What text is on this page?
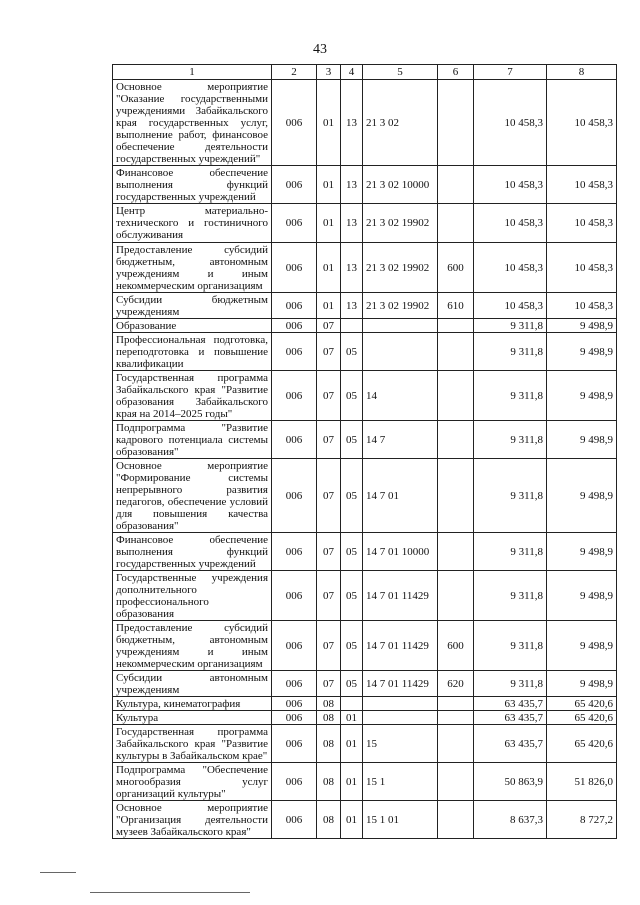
43
1	2	3	4	5	6	7	8
Основное мероприятие "Оказание государственными учреждениями Забайкальского края государственных услуг, выполнение работ, финансовое обеспечение деятельности государственных учреждений"	006	01	13	21 3 02		10 458,3	10 458,3
Финансовое обеспечение выполнения функций государственных учреждений	006	01	13	21 3 02 10000		10 458,3	10 458,3
Центр материально-технического и гостиничного обслуживания	006	01	13	21 3 02 19902		10 458,3	10 458,3
Предоставление субсидий бюджетным, автономным учреждениям и иным некоммерческим организациям	006	01	13	21 3 02 19902	600	10 458,3	10 458,3
Субсидии бюджетным учреждениям	006	01	13	21 3 02 19902	610	10 458,3	10 458,3
Образование	006	07				9 311,8	9 498,9
Профессиональная подготовка, переподготовка и повышение квалификации	006	07	05			9 311,8	9 498,9
Государственная программа Забайкальского края "Развитие образования Забайкальского края на 2014–2025 годы"	006	07	05	14		9 311,8	9 498,9
Подпрограмма "Развитие кадрового потенциала системы образования"	006	07	05	14 7		9 311,8	9 498,9
Основное мероприятие "Формирование системы непрерывного развития педагогов, обеспечение условий для повышения качества образования"	006	07	05	14 7 01		9 311,8	9 498,9
Финансовое обеспечение выполнения функций государственных учреждений	006	07	05	14 7 01 10000		9 311,8	9 498,9
Государственные учреждения дополнительного профессионального образования	006	07	05	14 7 01 11429		9 311,8	9 498,9
Предоставление субсидий бюджетным, автономным учреждениям и иным некоммерческим организациям	006	07	05	14 7 01 11429	600	9 311,8	9 498,9
Субсидии автономным учреждениям	006	07	05	14 7 01 11429	620	9 311,8	9 498,9
Культура, кинематография	006	08				63 435,7	65 420,6
Культура	006	08	01			63 435,7	65 420,6
Государственная программа Забайкальского края "Развитие культуры в Забайкальском крае"	006	08	01	15		63 435,7	65 420,6
Подпрограмма "Обеспечение многообразия услуг организаций культуры"	006	08	01	15 1		50 863,9	51 826,0
Основное мероприятие "Организация деятельности музеев Забайкальского края"	006	08	01	15 1 01		8 637,3	8 727,2
